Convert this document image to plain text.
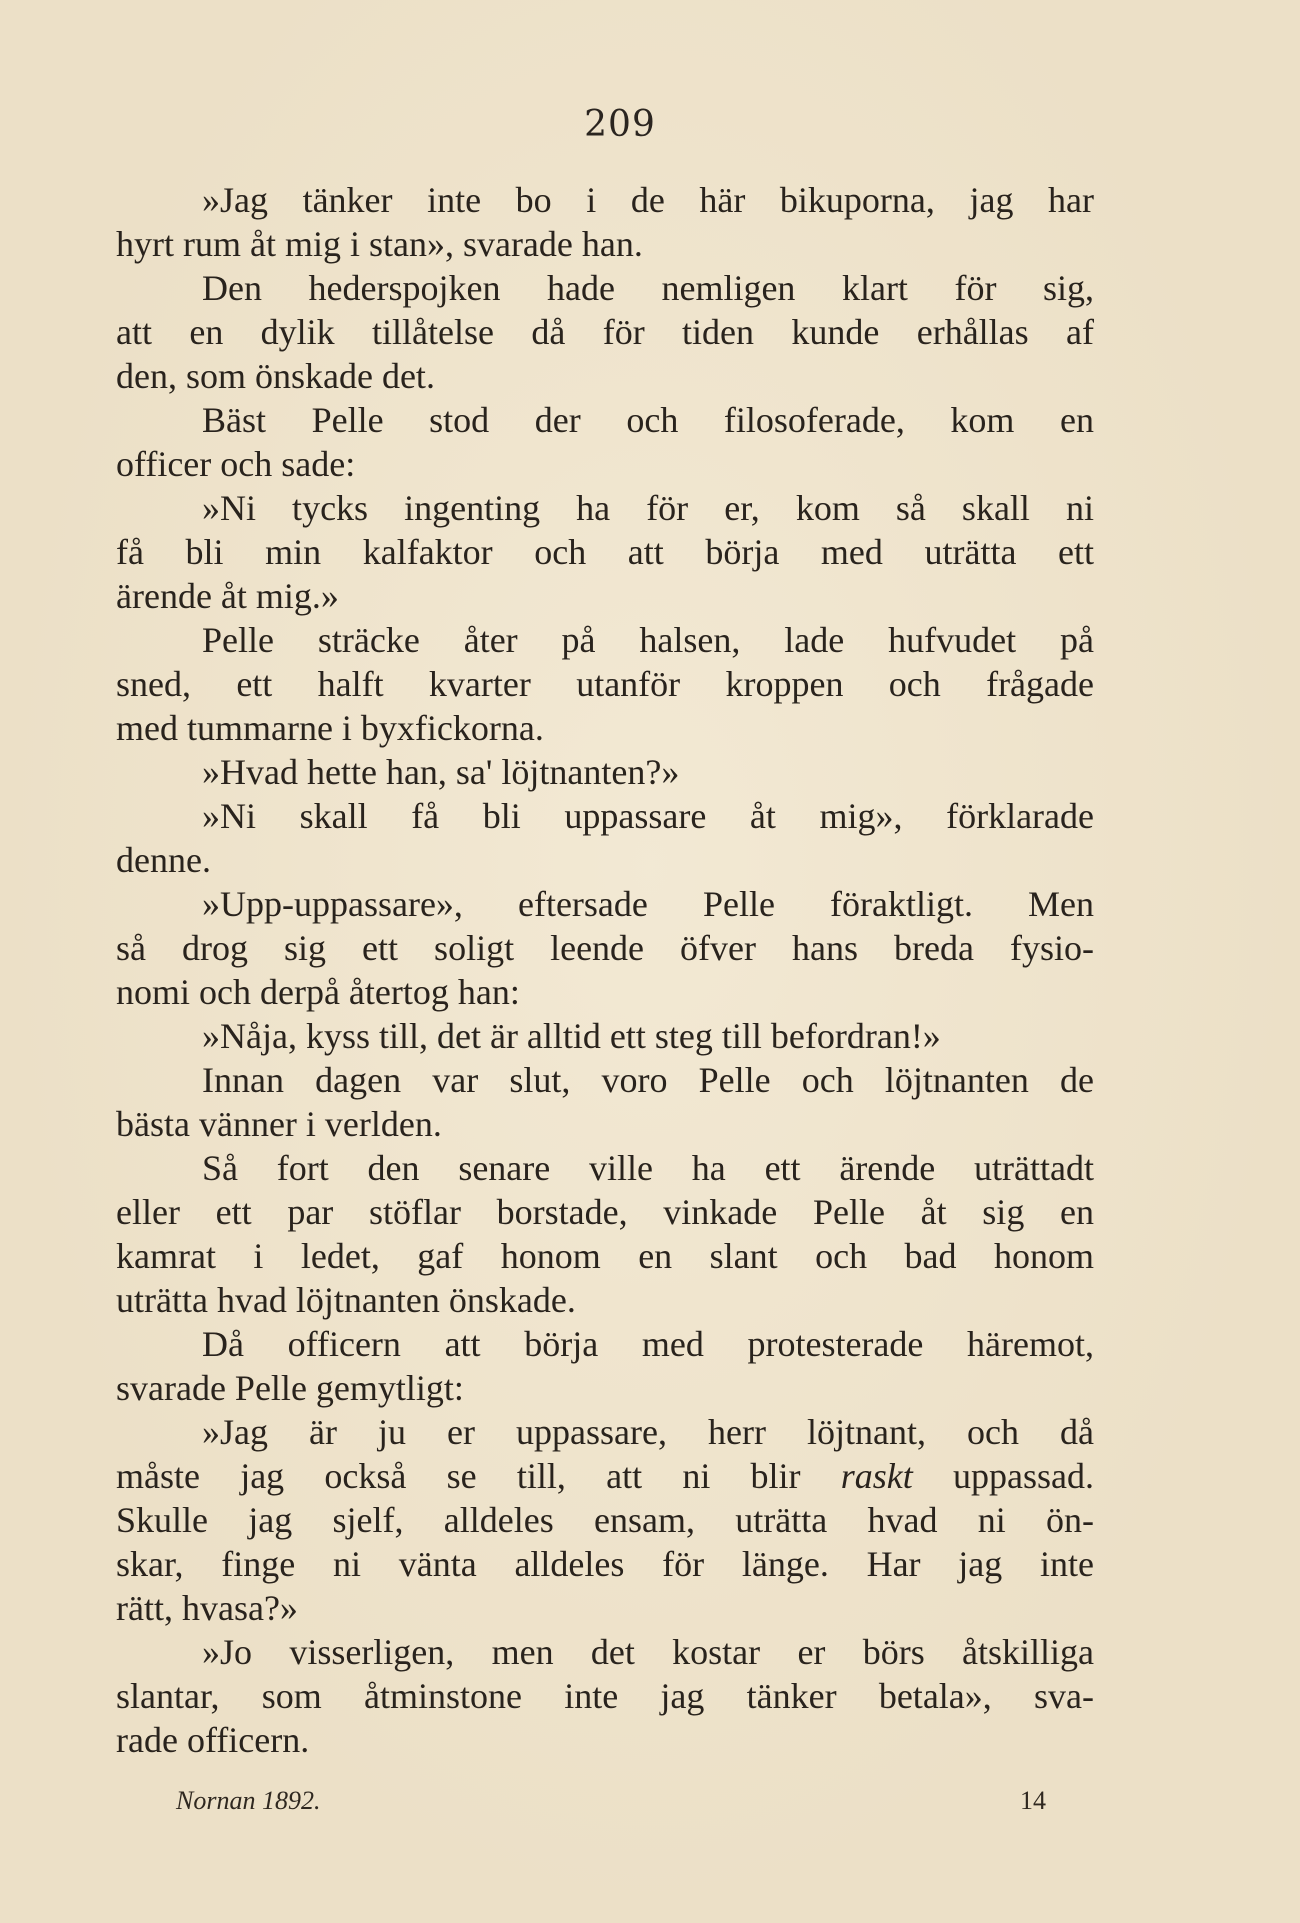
209
»Jag tänker inte bo i de här bikuporna, jag har
hyrt rum åt mig i stan», svarade han.
Den hederspojken hade nemligen klart för sig,
att en dylik tillåtelse då för tiden kunde erhållas af
den, som önskade det.
Bäst Pelle stod der och filosoferade, kom en
officer och sade:
»Ni tycks ingenting ha för er, kom så skall ni
få bli min kalfaktor och att börja med uträtta ett
ärende åt mig.»
Pelle sträcke åter på halsen, lade hufvudet på
sned, ett halft kvarter utanför kroppen och frågade
med tummarne i byxfickorna.
»Hvad hette han, sa' löjtnanten?»
»Ni skall få bli uppassare åt mig», förklarade
denne.
»Upp-uppassare», eftersade Pelle föraktligt. Men
så drog sig ett soligt leende öfver hans breda fysio-
nomi och derpå återtog han:
»Nåja, kyss till, det är alltid ett steg till befordran!»
Innan dagen var slut, voro Pelle och löjtnanten de
bästa vänner i verlden.
Så fort den senare ville ha ett ärende uträttadt
eller ett par stöflar borstade, vinkade Pelle åt sig en
kamrat i ledet, gaf honom en slant och bad honom
uträtta hvad löjtnanten önskade.
Då officern att börja med protesterade häremot,
svarade Pelle gemytligt:
»Jag är ju er uppassare, herr löjtnant, och då
måste jag också se till, att ni blir raskt uppassad.
Skulle jag sjelf, alldeles ensam, uträtta hvad ni ön-
skar, finge ni vänta alldeles för länge. Har jag inte
rätt, hvasa?»
»Jo visserligen, men det kostar er börs åtskilliga
slantar, som åtminstone inte jag tänker betala», sva-
rade officern.
Nornan 1892.	14
